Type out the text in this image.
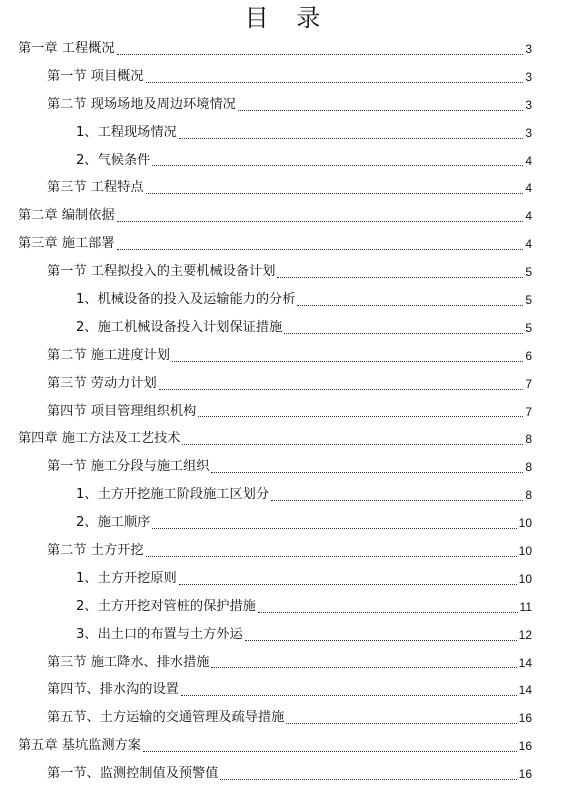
目 录
第一章 工程概况	3
第一节 项目概况	3
第二节 现场场地及周边环境情况	3
1、工程现场情况	3
2、气候条件	4
第三节 工程特点	4
第二章 编制依据	4
第三章 施工部署	4
第一节 工程拟投入的主要机械设备计划	5
1、机械设备的投入及运输能力的分析	5
2、施工机械设备投入计划保证措施	5
第二节 施工进度计划	6
第三节 劳动力计划	7
第四节 项目管理组织机构	7
第四章 施工方法及工艺技术	8
第一节 施工分段与施工组织	8
1、土方开挖施工阶段施工区划分	8
2、施工顺序	10
第二节 土方开挖	10
1、土方开挖原则	10
2、土方开挖对管桩的保护措施	11
3、出土口的布置与土方外运	12
第三节 施工降水、排水措施	14
第四节、排水沟的设置	14
第五节、土方运输的交通管理及疏导措施	16
第五章 基坑监测方案	16
第一节、监测控制值及预警值	16
